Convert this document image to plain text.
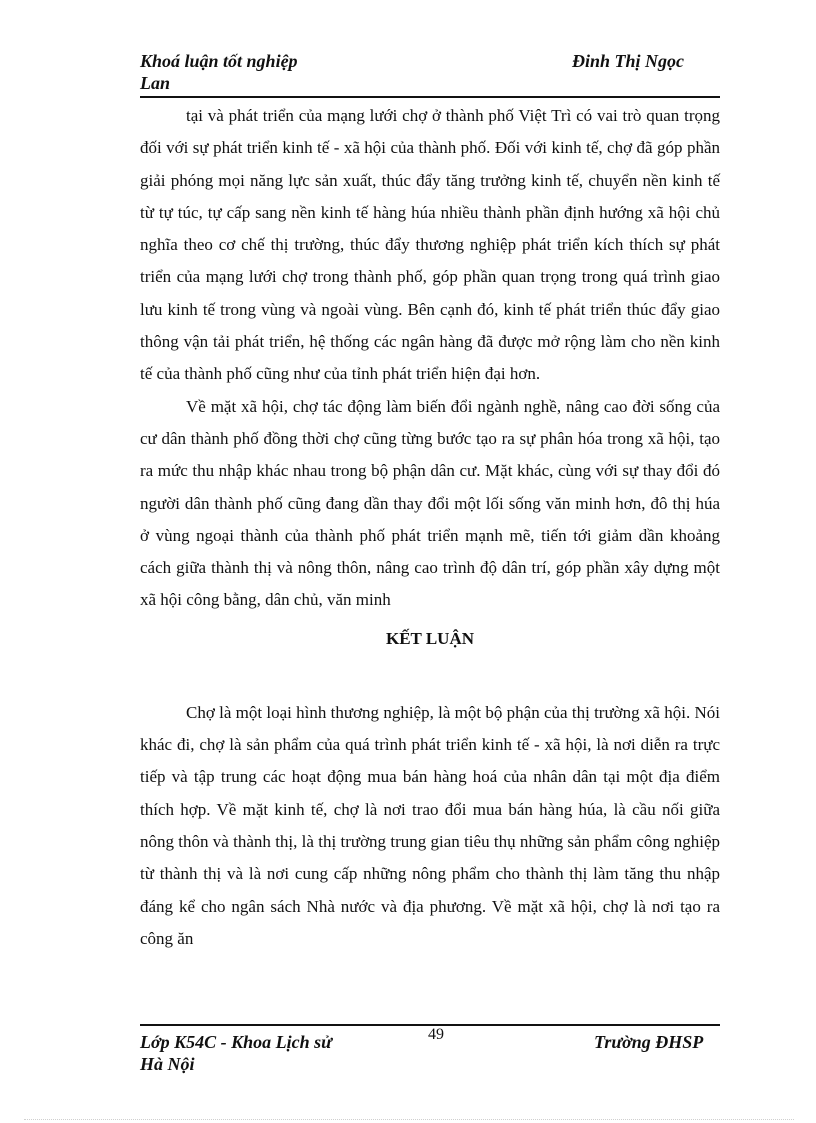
Khoá luận tốt nghiệp
Lan
Đinh Thị Ngọc

tại và phát triển của mạng lưới chợ ở thành phố Việt Trì có vai trò quan trọng đối với sự phát triển kinh tế - xã hội của thành phố. Đối với kinh tế, chợ đã góp phần giải phóng mọi năng lực sản xuất, thúc đẩy tăng trưởng kinh tế, chuyển nền kinh tế từ tự túc, tự cấp sang nền kinh tế hàng húa nhiều thành phần định hướng xã hội chủ nghĩa theo cơ chế thị trường, thúc đẩy thương nghiệp phát triển kích thích sự phát triển của mạng lưới chợ trong thành phố, góp phần quan trọng trong quá trình giao lưu kinh tế trong vùng và ngoài vùng. Bên cạnh đó, kinh tế phát triển thúc đẩy giao thông vận tải phát triển, hệ thống các ngân hàng đã được mở rộng làm cho nền kinh tế của thành phố cũng như của tỉnh phát triển hiện đại hơn.

Về mặt xã hội, chợ tác động làm biến đổi ngành nghề, nâng cao đời sống của cư dân thành phố đồng thời chợ cũng từng bước tạo ra sự phân hóa trong xã hội, tạo ra mức thu nhập khác nhau trong bộ phận dân cư. Mặt khác, cùng với sự thay đổi đó người dân thành phố cũng đang dần thay đổi một lối sống văn minh hơn, đô thị húa ở vùng ngoại thành của thành phố phát triển mạnh mẽ, tiến tới giảm dần khoảng cách giữa thành thị và nông thôn, nâng cao trình độ dân trí, góp phần xây dựng một xã hội công bằng, dân chủ, văn minh

KẾT LUẬN

Chợ là một loại hình thương nghiệp, là một bộ phận của thị trường xã hội. Nói khác đi, chợ là sản phẩm của quá trình phát triển kinh tế - xã hội, là nơi diễn ra trực tiếp và tập trung các hoạt động mua bán hàng hoá của nhân dân tại một địa điểm thích hợp. Về mặt kinh tế, chợ là nơi trao đổi mua bán hàng húa, là cầu nối giữa nông thôn và thành thị, là thị trường trung gian tiêu thụ những sản phẩm công nghiệp từ thành thị và là nơi cung cấp những nông phẩm cho thành thị làm tăng thu nhập đáng kể cho ngân sách Nhà nước và địa phương. Về mặt xã hội, chợ là nơi tạo ra công ăn

Lớp K54C - Khoa Lịch sử
Hà Nội
49	Trường ĐHSP
